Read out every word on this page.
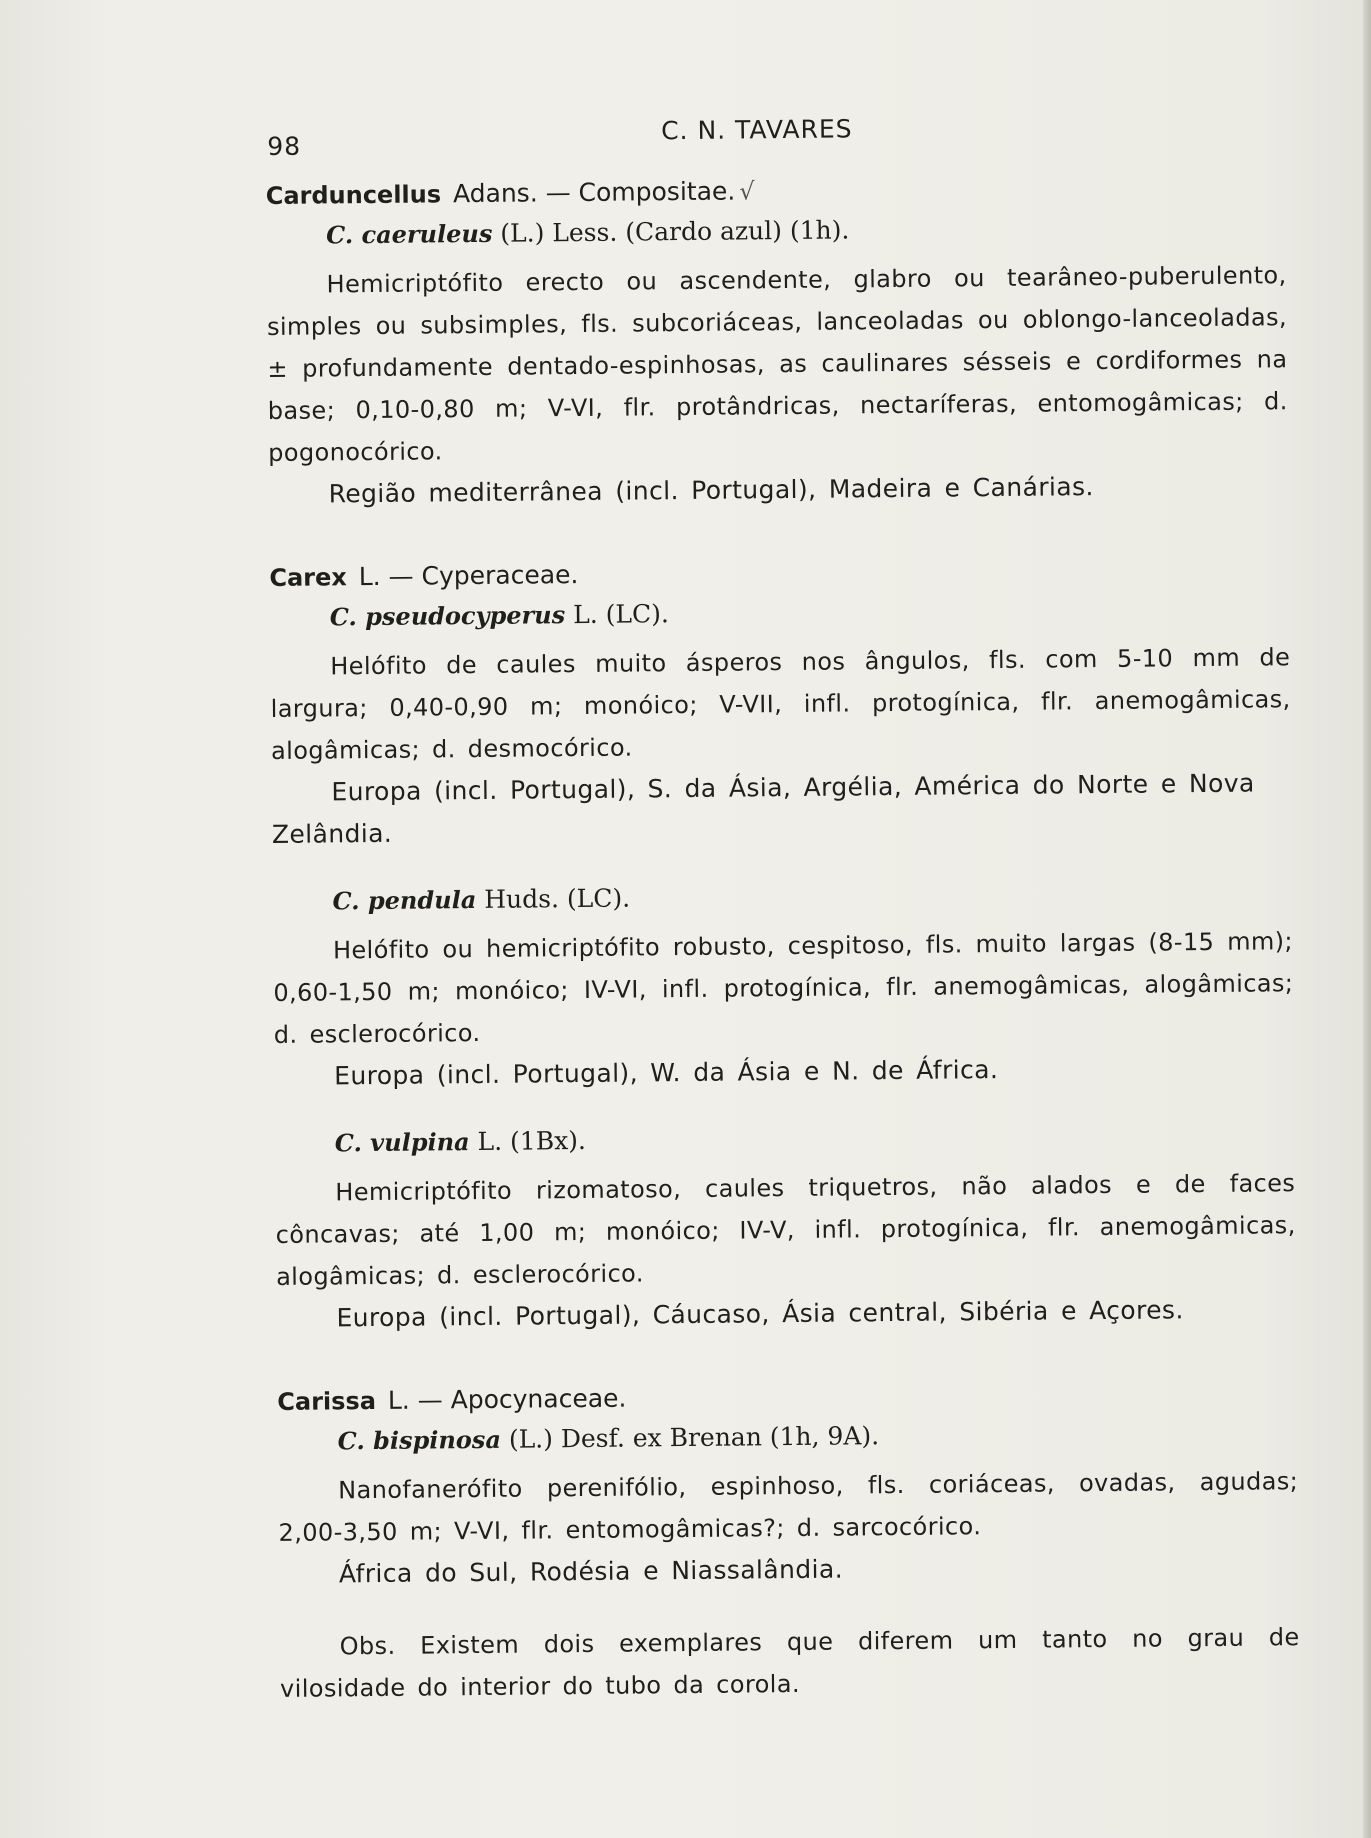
98
C. N. TAVARES

Carduncellus Adans. — Compositae. √

C. caeruleus (L.) Less. (Cardo azul) (1h).

Hemicriptófito erecto ou ascendente, glabro ou tearâneo-puberulento, simples ou subsimples, fls. subcoriáceas, lanceoladas ou oblongo-lanceoladas, ± profundamente dentado-espinhosas, as caulinares sésseis e cordiformes na base; 0,10-0,80 m; V-VI, flr. protândricas, nectaríferas, entomogâmicas; d. pogonocórico.

Região mediterrânea (incl. Portugal), Madeira e Canárias.

Carex L. — Cyperaceae.

C. pseudocyperus L. (LC).

Helófito de caules muito ásperos nos ângulos, fls. com 5-10 mm de largura; 0,40-0,90 m; monóico; V-VII, infl. protogínica, flr. anemogâmicas, alogâmicas; d. desmocórico.

Europa (incl. Portugal), S. da Ásia, Argélia, América do Norte e Nova Zelândia.

C. pendula Huds. (LC).

Helófito ou hemicriptófito robusto, cespitoso, fls. muito largas (8-15 mm); 0,60-1,50 m; monóico; IV-VI, infl. protogínica, flr. anemogâmicas, alogâmicas; d. esclerocórico.

Europa (incl. Portugal), W. da Ásia e N. de África.

C. vulpina L. (1Bx).

Hemicriptófito rizomatoso, caules triquetros, não alados e de faces côncavas; até 1,00 m; monóico; IV-V, infl. protogínica, flr. anemogâmicas, alogâmicas; d. esclerocórico.

Europa (incl. Portugal), Cáucaso, Ásia central, Sibéria e Açores.

Carissa L. — Apocynaceae.

C. bispinosa (L.) Desf. ex Brenan (1h, 9A).

Nanofanerófito perenifólio, espinhoso, fls. coriáceas, ovadas, agudas; 2,00-3,50 m; V-VI, flr. entomogâmicas?; d. sarcocórico.

África do Sul, Rodésia e Niassalândia.

Obs. Existem dois exemplares que diferem um tanto no grau de vilosidade do interior do tubo da corola.
